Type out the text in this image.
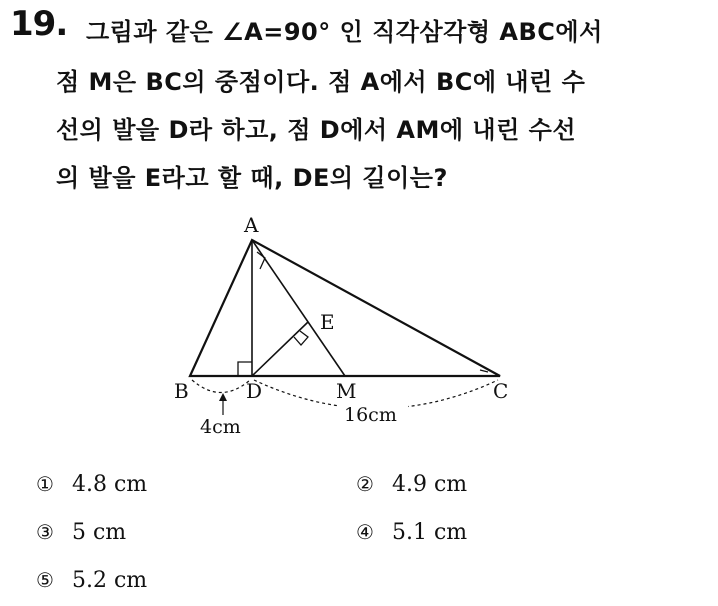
19. 그림과 같은 ∠A=90° 인 직각삼각형 ABC에서
점 M은 BC의 중점이다. 점 A에서 BC에 내린 수
선의 발을 D라 하고, 점 D에서 AM에 내린 수선
의 발을 E라고 할 때, DE의 길이는?
A
B	C
D
E
M
4cm
16cm
① 4.8 cm	② 4.9 cm
③ 5 cm	④ 5.1 cm
⑤ 5.2 cm
